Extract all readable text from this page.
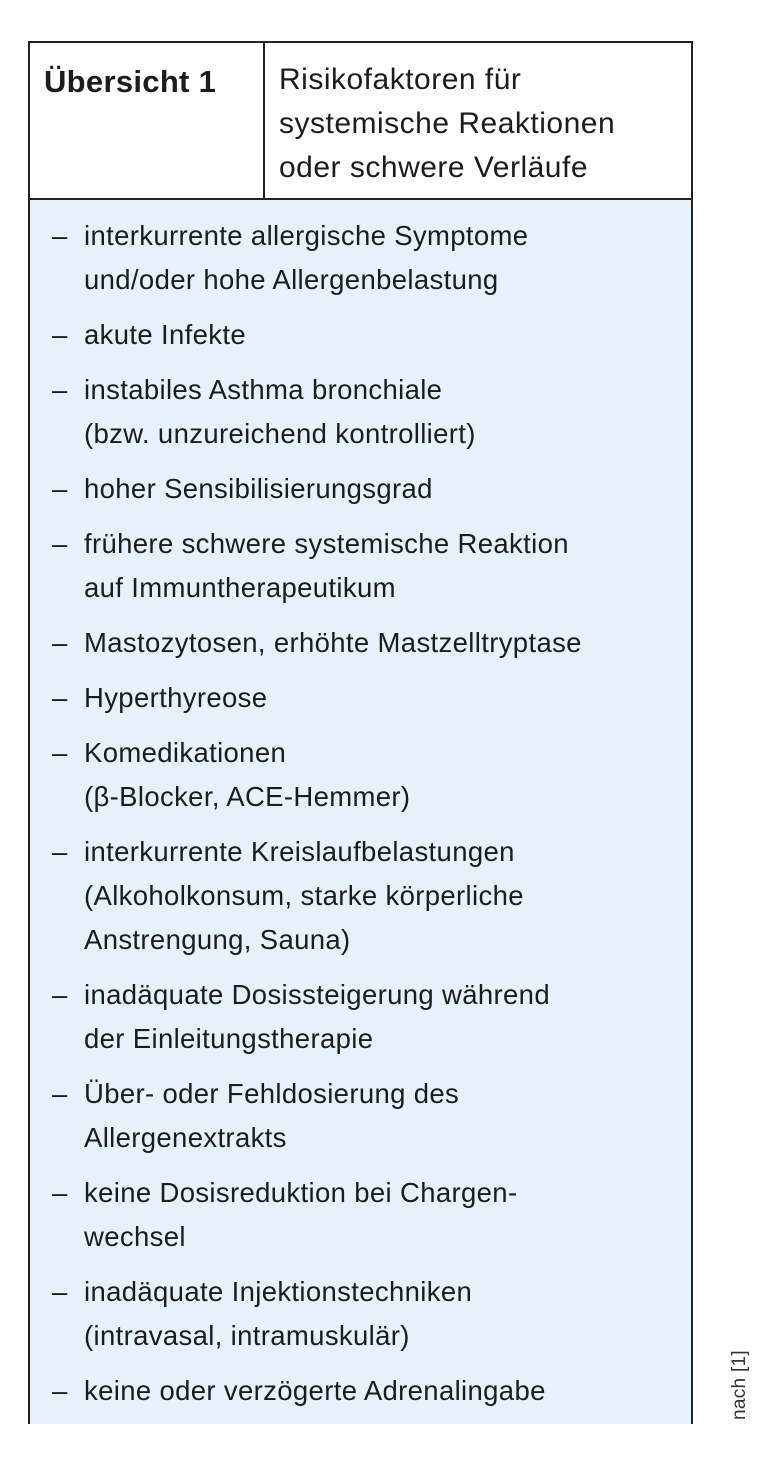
Übersicht 1	Risikofaktoren für
systemische Reaktionen
oder schwere Verläufe
– interkurrente allergische Symptome
und/oder hohe Allergenbelastung
– akute Infekte
– instabiles Asthma bronchiale
(bzw. unzureichend kontrolliert)
– hoher Sensibilisierungsgrad
– frühere schwere systemische Reaktion
auf Immuntherapeutikum
– Mastozytosen, erhöhte Mastzelltryptase
– Hyperthyreose
– Komedikationen
(β-Blocker, ACE-Hemmer)
– interkurrente Kreislaufbelastungen
(Alkoholkonsum, starke körperliche
Anstrengung, Sauna)
– inadäquate Dosissteigerung während
der Einleitungstherapie
– Über- oder Fehldosierung des
Allergenextrakts
– keine Dosisreduktion bei Chargen-
wechsel
– inadäquate Injektionstechniken
(intravasal, intramuskulär)
– keine oder verzögerte Adrenalingabe	nach [1]
